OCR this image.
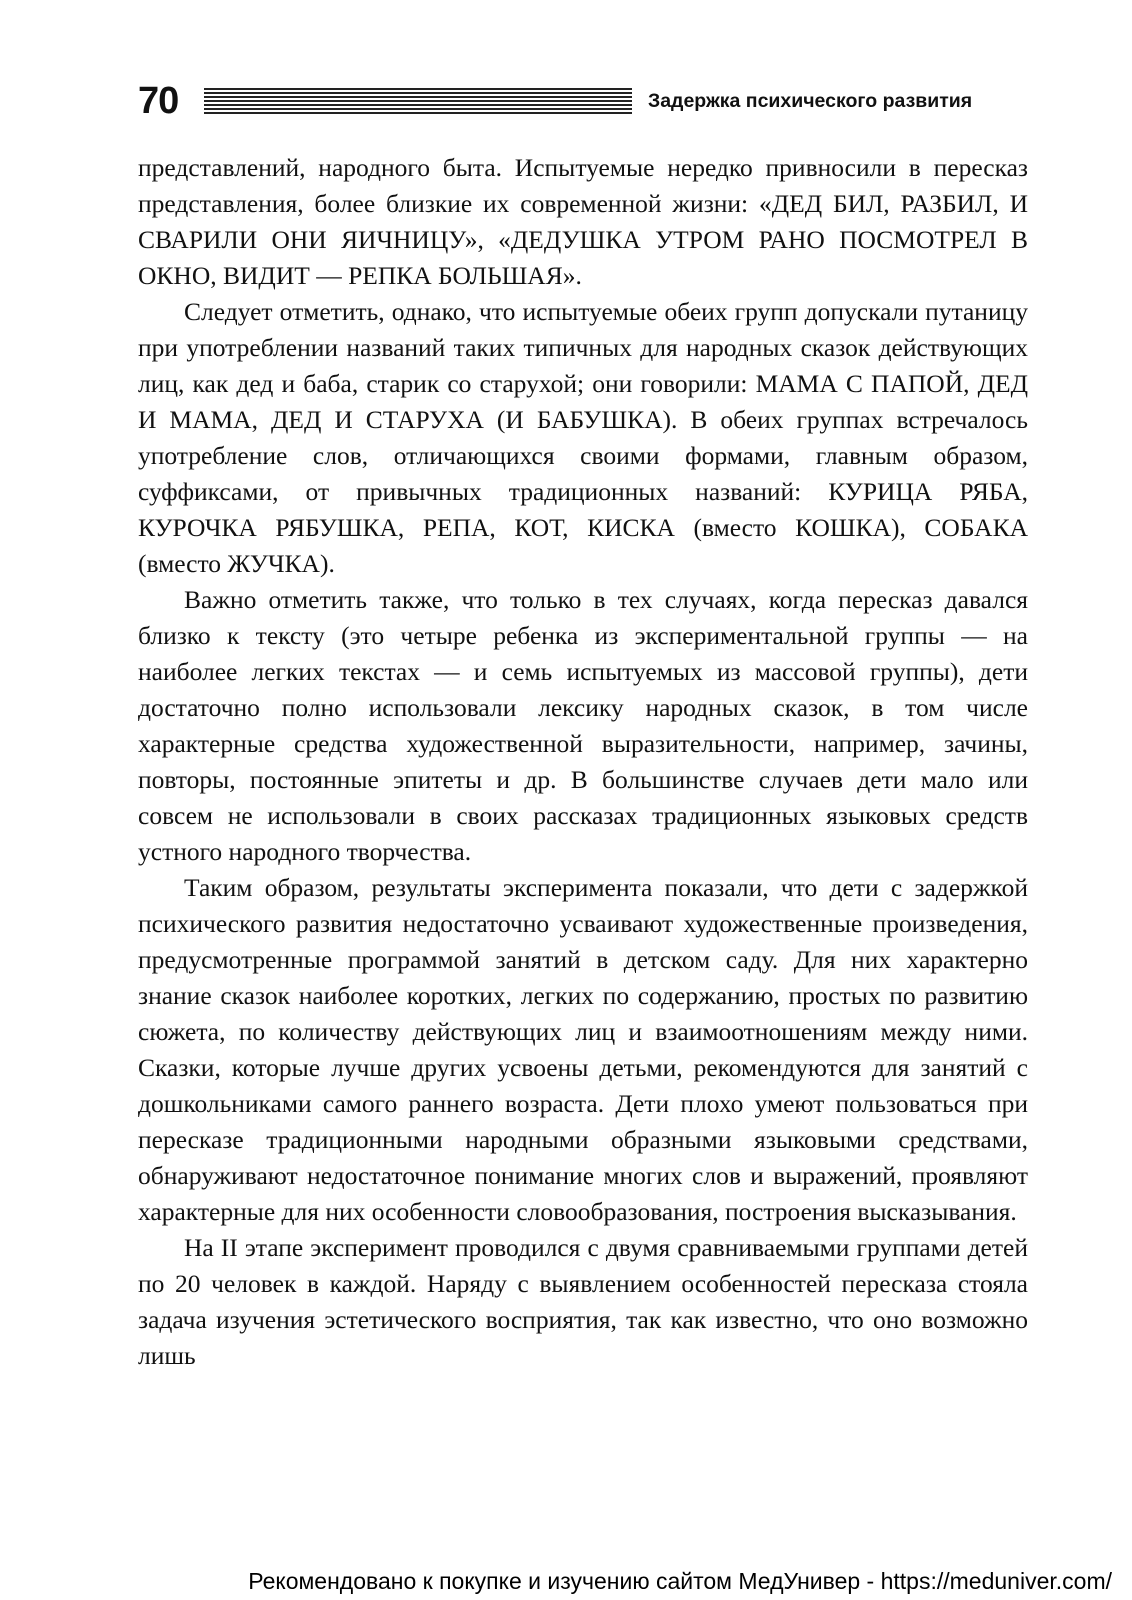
70	Задержка психического развития

представлений, народного быта. Испытуемые нередко привносили в пересказ представления, более близкие их современной жизни: «ДЕД БИЛ, РАЗБИЛ, И СВАРИЛИ ОНИ ЯИЧНИЦУ», «ДЕДУШКА УТРОМ РАНО ПОСМОТРЕЛ В ОКНО, ВИДИТ — РЕПКА БОЛЬШАЯ».

Следует отметить, однако, что испытуемые обеих групп допускали путаницу при употреблении названий таких типичных для народных сказок действующих лиц, как дед и баба, старик со старухой; они говорили: МАМА С ПАПОЙ, ДЕД И МАМА, ДЕД И СТАРУХА (И БАБУШКА). В обеих группах встречалось употребление слов, отличающихся своими формами, главным образом, суффиксами, от привычных традиционных названий: КУРИЦА РЯБА, КУРОЧКА РЯБУШКА, РЕПА, КОТ, КИСКА (вместо КОШКА), СОБАКА (вместо ЖУЧКА).

Важно отметить также, что только в тех случаях, когда пересказ давался близко к тексту (это четыре ребенка из экспериментальной группы — на наиболее легких текстах — и семь испытуемых из массовой группы), дети достаточно полно использовали лексику народных сказок, в том числе характерные средства художественной выразительности, например, зачины, повторы, постоянные эпитеты и др. В большинстве случаев дети мало или совсем не использовали в своих рассказах традиционных языковых средств устного народного творчества.

Таким образом, результаты эксперимента показали, что дети с задержкой психического развития недостаточно усваивают художественные произведения, предусмотренные программой занятий в детском саду. Для них характерно знание сказок наиболее коротких, легких по содержанию, простых по развитию сюжета, по количеству действующих лиц и взаимоотношениям между ними. Сказки, которые лучше других усвоены детьми, рекомендуются для занятий с дошкольниками самого раннего возраста. Дети плохо умеют пользоваться при пересказе традиционными народными образными языковыми средствами, обнаруживают недостаточное понимание многих слов и выражений, проявляют характерные для них особенности словообразования, построения высказывания.

На II этапе эксперимент проводился с двумя сравниваемыми группами детей по 20 человек в каждой. Наряду с выявлением особенностей пересказа стояла задача изучения эстетического восприятия, так как известно, что оно возможно лишь

Рекомендовано к покупке и изучению сайтом МедУнивер - https://meduniver.com/
